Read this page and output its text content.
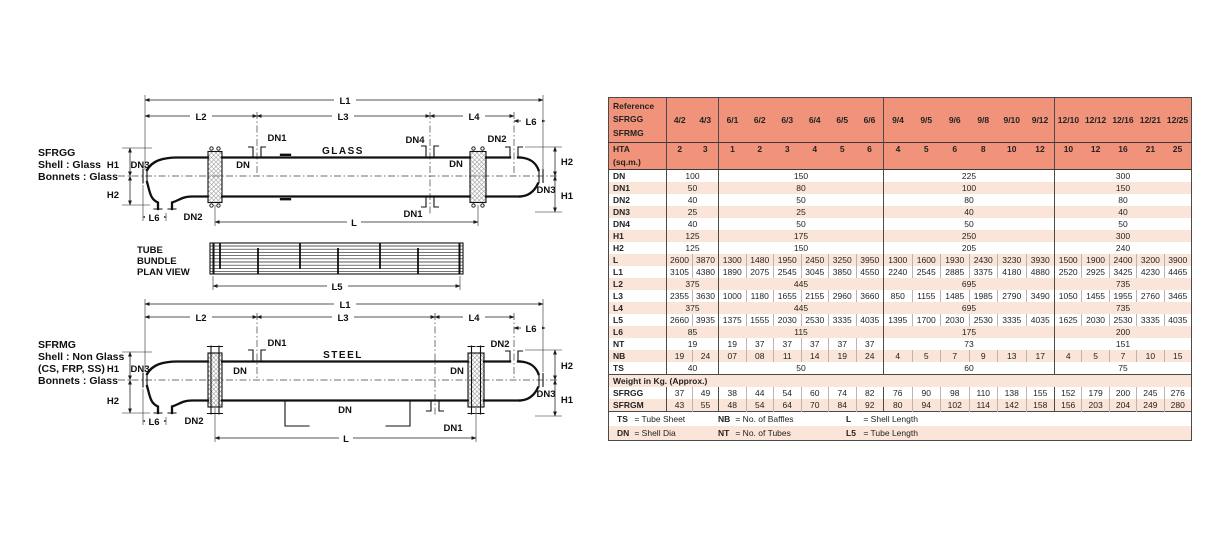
SFRGG
Shell : Glass
Bonnets : Glass
L1
L2	L3	L4	L6
L6	L
H1
H2
H2
H1
GLASS
DN1	DN4	DN2
DN	DN
DN3
DN3
DN1
DN2
TUBE
BUNDLE
PLAN VIEW
L5
SFRMG
Shell : Non Glass
(CS, FRP, SS)
Bonnets : Glass
L1
L2	L3	L4
L6
L6
L
H1
H2
H2
H1
STEEL
DN1	DN2
DN	DN
DN
DN3
DN3
DN1
DN2
Reference
SFRGG
SFRMG	4/2	4/3	6/1	6/2	6/3	6/4	6/5	6/6	9/4	9/5	9/6	9/8	9/10	9/12	12/10	12/12	12/16	12/21	12/25
HTA
(sq.m.)	2	3	1	2	3	4	5	6	4	5	6	8	10	12	10	12	16	21	25
DN	100		150						225						300				
DN1	50		80						100						150				
DN2	40		50						80						80				
DN3	25		25						40						40				
DN4	40		50						50						50				
H1	125		175						250						300				
H2	125		150						205						240				
L	2600	3870	1300	1480	1950	2450	3250	3950	1300	1600	1930	2430	3230	3930	1500	1900	2400	3200	3900
L1	3105	4380	1890	2075	2545	3045	3850	4550	2240	2545	2885	3375	4180	4880	2520	2925	3425	4230	4465
L2	375		445						695						735				
L3	2355	3630	1000	1180	1655	2155	2960	3660	850	1155	1485	1985	2790	3490	1050	1455	1955	2760	3465
L4	375		445						695						735				
L5	2660	3935	1375	1555	2030	2530	3335	4035	1395	1700	2030	2530	3335	4035	1625	2030	2530	3335	4035
L6	85		115						175						200				
NT	19		19	37	37	37	37	37	73						151				
NB	19	24	07	08	11	14	19	24	4	5	7	9	13	17	4	5	7	10	15
TS	40		50						60						75				
Weight in Kg. (Approx.)																			
SFRGG	37	49	38	44	54	60	74	82	76	90	98	110	138	155	152	179	200	245	276
SFRGM	43	55	48	54	64	70	84	92	80	94	102	114	142	158	156	203	204	249	280
TS = Tube Sheet NB = No. of Baffles L = Shell Length																			
DN = Shell Dia NT = No. of Tubes L5 = Tube Length																			
